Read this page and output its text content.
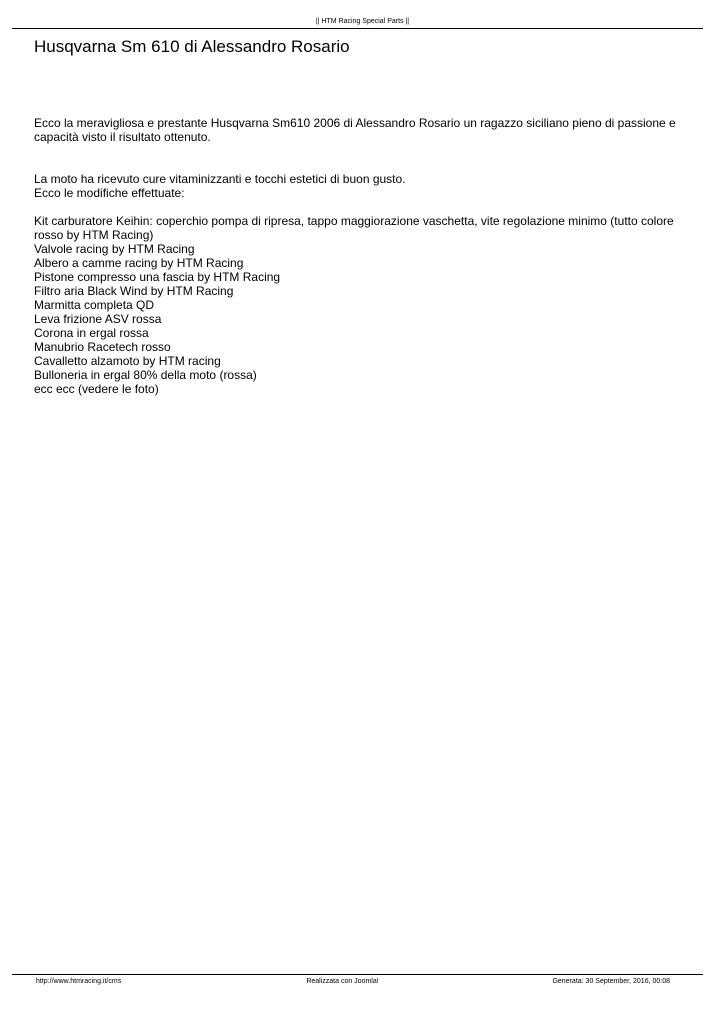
|| HTM Racing Special Parts ||
Husqvarna Sm 610 di Alessandro Rosario

Ecco la meravigliosa e prestante Husqvarna Sm610 2006 di Alessandro Rosario un ragazzo siciliano pieno di passione e capacità visto il risultato ottenuto.

La moto ha ricevuto cure vitaminizzanti e tocchi estetici di buon gusto.

Ecco le modifiche effettuate:

Kit carburatore Keihin: coperchio pompa di ripresa, tappo maggiorazione vaschetta, vite regolazione minimo (tutto colore rosso by HTM Racing)
Valvole racing by HTM Racing
Albero a camme racing by HTM Racing
Pistone compresso una fascia by HTM Racing
Filtro aria Black Wind by HTM Racing
Marmitta completa QD
Leva frizione ASV rossa
Corona in ergal rossa
Manubrio Racetech rosso
Cavalletto alzamoto by HTM racing
Bulloneria in ergal 80% della moto (rossa)
ecc ecc (vedere le foto)
http://www.htmracing.it/cms	Realizzata con Joomla!	Generata: 30 September, 2016, 00:08
